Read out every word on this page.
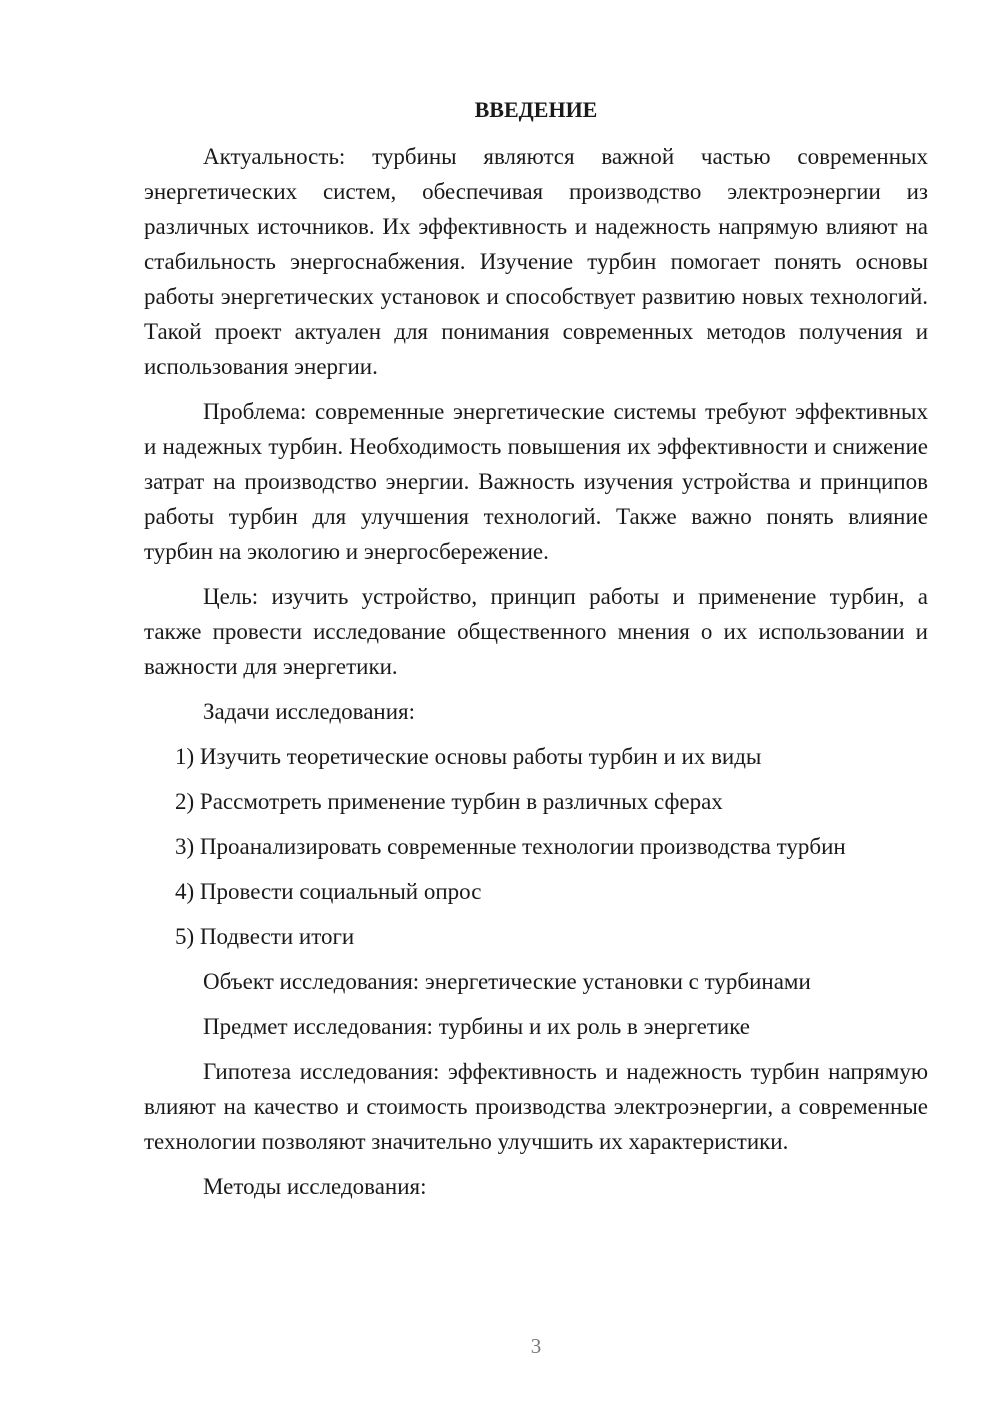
ВВЕДЕНИЕ
Актуальность: турбины являются важной частью современных энергетических систем, обеспечивая производство электроэнергии из различных источников. Их эффективность и надежность напрямую влияют на стабильность энергоснабжения. Изучение турбин помогает понять основы работы энергетических установок и способствует развитию новых технологий. Такой проект актуален для понимания современных методов получения и использования энергии.
Проблема: современные энергетические системы требуют эффективных и надежных турбин. Необходимость повышения их эффективности и снижение затрат на производство энергии. Важность изучения устройства и принципов работы турбин для улучшения технологий. Также важно понять влияние турбин на экологию и энергосбережение.
Цель: изучить устройство, принцип работы и применение турбин, а также провести исследование общественного мнения о их использовании и важности для энергетики.
Задачи исследования:
1) Изучить теоретические основы работы турбин и их виды
2) Рассмотреть применение турбин в различных сферах
3) Проанализировать современные технологии производства турбин
4) Провести социальный опрос
5) Подвести итоги
Объект исследования: энергетические установки с турбинами
Предмет исследования: турбины и их роль в энергетике
Гипотеза исследования: эффективность и надежность турбин напрямую влияют на качество и стоимость производства электроэнергии, а современные технологии позволяют значительно улучшить их характеристики.
Методы исследования:
3
